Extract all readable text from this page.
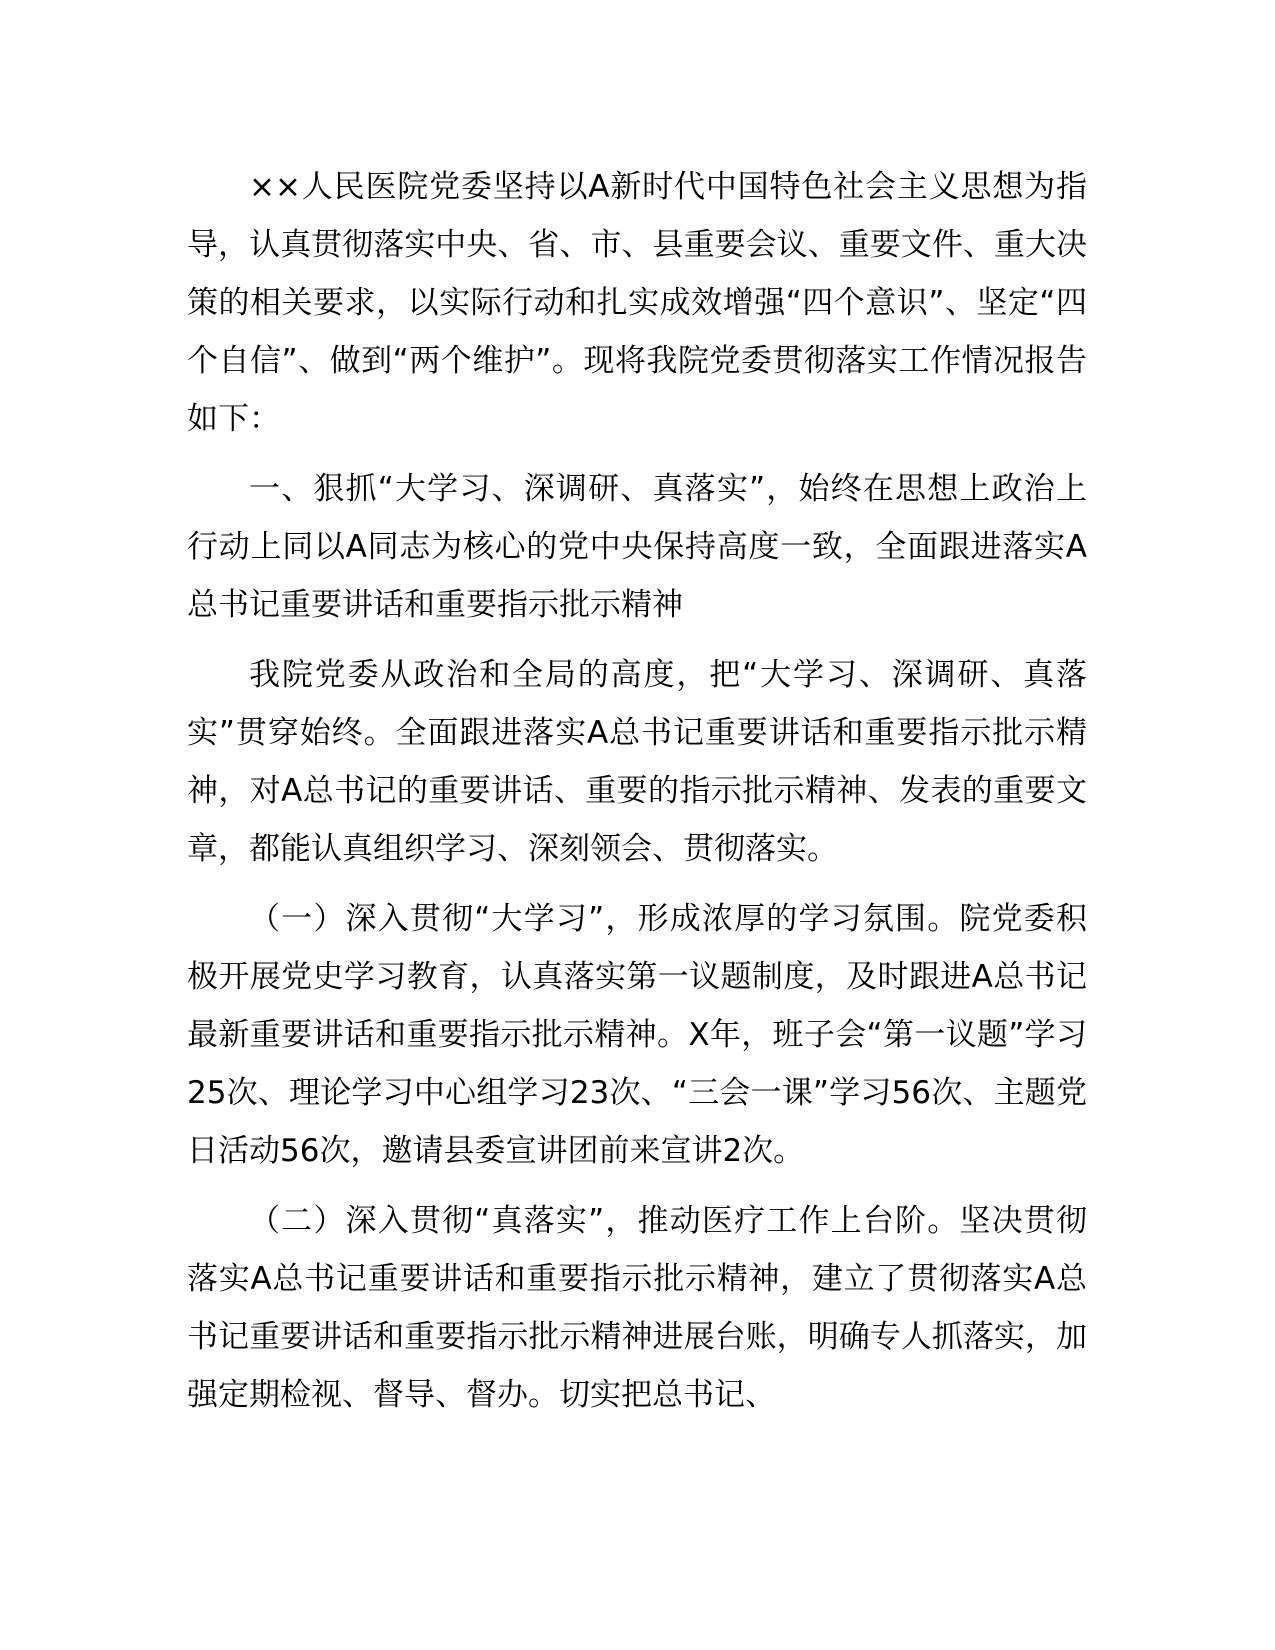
××人民医院党委坚持以A新时代中国特色社会主义思想为指导，认真贯彻落实中央、省、市、县重要会议、重要文件、重大决策的相关要求，以实际行动和扎实成效增强“四个意识”、坚定“四个自信”、做到“两个维护”。现将我院党委贯彻落实工作情况报告如下：

一、狠抓“大学习、深调研、真落实”，始终在思想上政治上行动上同以A同志为核心的党中央保持高度一致，全面跟进落实A总书记重要讲话和重要指示批示精神

我院党委从政治和全局的高度，把“大学习、深调研、真落实”贯穿始终。全面跟进落实A总书记重要讲话和重要指示批示精神，对A总书记的重要讲话、重要的指示批示精神、发表的重要文章，都能认真组织学习、深刻领会、贯彻落实。

（一）深入贯彻“大学习”，形成浓厚的学习氛围。院党委积极开展党史学习教育，认真落实第一议题制度，及时跟进A总书记最新重要讲话和重要指示批示精神。X年，班子会“第一议题”学习25次、理论学习中心组学习23次、“三会一课”学习56次、主题党日活动56次，邀请县委宣讲团前来宣讲2次。

（二）深入贯彻“真落实”，推动医疗工作上台阶。坚决贯彻落实A总书记重要讲话和重要指示批示精神，建立了贯彻落实A总书记重要讲话和重要指示批示精神进展台账，明确专人抓落实，加强定期检视、督导、督办。切实把总书记、
